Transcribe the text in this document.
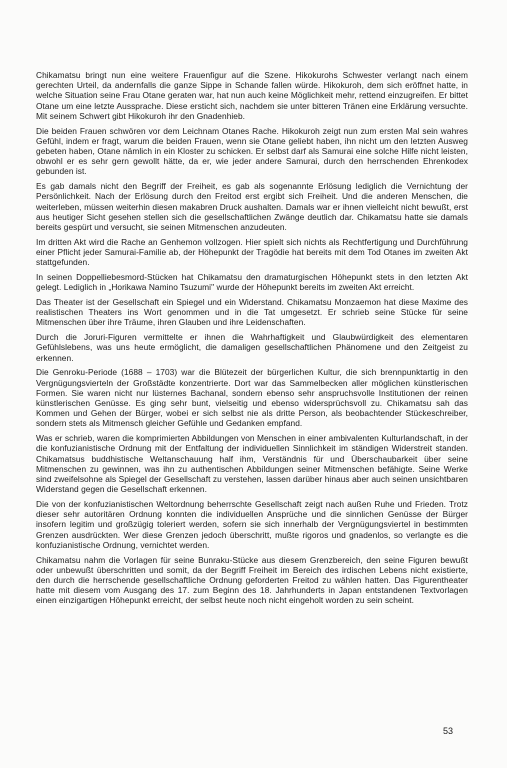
Chikamatsu bringt nun eine weitere Frauenfigur auf die Szene. Hikokurohs Schwester verlangt nach einem gerechten Urteil, da andernfalls die ganze Sippe in Schande fallen würde. Hikokuroh, dem sich eröffnet hatte, in welche Situation seine Frau Otane geraten war, hat nun auch keine Möglichkeit mehr, rettend einzugreifen. Er bittet Otane um eine letzte Aussprache. Diese ersticht sich, nachdem sie unter bitteren Tränen eine Erklärung versuchte. Mit seinem Schwert gibt Hikokuroh ihr den Gnadenhieb.

Die beiden Frauen schwören vor dem Leichnam Otanes Rache. Hikokuroh zeigt nun zum ersten Mal sein wahres Gefühl, indem er fragt, warum die beiden Frauen, wenn sie Otane geliebt haben, ihn nicht um den letzten Ausweg gebeten haben, Otane nämlich in ein Kloster zu schicken. Er selbst darf als Samurai eine solche Hilfe nicht leisten, obwohl er es sehr gern gewollt hätte, da er, wie jeder andere Samurai, durch den herrschenden Ehrenkodex gebunden ist.

Es gab damals nicht den Begriff der Freiheit, es gab als sogenannte Erlösung lediglich die Vernichtung der Persönlichkeit. Nach der Erlösung durch den Freitod erst ergibt sich Freiheit. Und die anderen Menschen, die weiterleben, müssen weiterhin diesen makabren Druck aushalten. Damals war er ihnen vielleicht nicht bewußt, erst aus heutiger Sicht gesehen stellen sich die gesellschaftlichen Zwänge deutlich dar. Chikamatsu hatte sie damals bereits gespürt und versucht, sie seinen Mitmenschen anzudeuten.

Im dritten Akt wird die Rache an Genhemon vollzogen. Hier spielt sich nichts als Rechtfertigung und Durchführung einer Pflicht jeder Samurai-Familie ab, der Höhepunkt der Tragödie hat bereits mit dem Tod Otanes im zweiten Akt stattgefunden.

In seinen Doppelliebesmord-Stücken hat Chikamatsu den dramaturgischen Höhepunkt stets in den letzten Akt gelegt. Lediglich in „Horikawa Namino Tsuzumi" wurde der Höhepunkt bereits im zweiten Akt erreicht.

Das Theater ist der Gesellschaft ein Spiegel und ein Widerstand. Chikamatsu Monzaemon hat diese Maxime des realistischen Theaters ins Wort genommen und in die Tat umgesetzt. Er schrieb seine Stücke für seine Mitmenschen über ihre Träume, ihren Glauben und ihre Leidenschaften.

Durch die Joruri-Figuren vermittelte er ihnen die Wahrhaftigkeit und Glaubwürdigkeit des elementaren Gefühlslebens, was uns heute ermöglicht, die damaligen gesellschaftlichen Phänomene und den Zeitgeist zu erkennen.

Die Genroku-Periode (1688 – 1703) war die Blütezeit der bürgerlichen Kultur, die sich brennpunktartig in den Vergnügungsvierteln der Großstädte konzentrierte. Dort war das Sammelbecken aller möglichen künstlerischen Formen. Sie waren nicht nur lüsternes Bachanal, sondern ebenso sehr anspruchsvolle Institutionen der reinen künstlerischen Genüsse. Es ging sehr bunt, vielseitig und ebenso widersprüchsvoll zu. Chikamatsu sah das Kommen und Gehen der Bürger, wobei er sich selbst nie als dritte Person, als beobachtender Stückeschreiber, sondern stets als Mitmensch gleicher Gefühle und Gedanken empfand.

Was er schrieb, waren die komprimierten Abbildungen von Menschen in einer ambivalenten Kulturlandschaft, in der die konfuzianistische Ordnung mit der Entfaltung der individuellen Sinnlichkeit im ständigen Widerstreit standen. Chikamatsus buddhistische Weltanschauung half ihm, Verständnis für und Überschaubarkeit über seine Mitmenschen zu gewinnen, was ihn zu authentischen Abbildungen seiner Mitmenschen befähigte. Seine Werke sind zweifelsohne als Spiegel der Gesellschaft zu verstehen, lassen darüber hinaus aber auch seinen unsichtbaren Widerstand gegen die Gesellschaft erkennen.

Die von der konfuzianistischen Weltordnung beherrschte Gesellschaft zeigt nach außen Ruhe und Frieden. Trotz dieser sehr autoritären Ordnung konnten die individuellen Ansprüche und die sinnlichen Genüsse der Bürger insofern legitim und großzügig toleriert werden, sofern sie sich innerhalb der Vergnügungsviertel in bestimmten Grenzen ausdrückten. Wer diese Grenzen jedoch überschritt, mußte rigoros und gnadenlos, so verlangte es die konfuzianistische Ordnung, vernichtet werden.

Chikamatsu nahm die Vorlagen für seine Bunraku-Stücke aus diesem Grenzbereich, den seine Figuren bewußt oder unbewußt überschritten und somit, da der Begriff Freiheit im Bereich des irdischen Lebens nicht existierte, den durch die herrschende gesellschaftliche Ordnung geforderten Freitod zu wählen hatten. Das Figurentheater hatte mit diesem vom Ausgang des 17. zum Beginn des 18. Jahrhunderts in Japan entstandenen Textvorlagen einen einzigartigen Höhepunkt erreicht, der selbst heute noch nicht eingeholt worden zu sein scheint.

53
